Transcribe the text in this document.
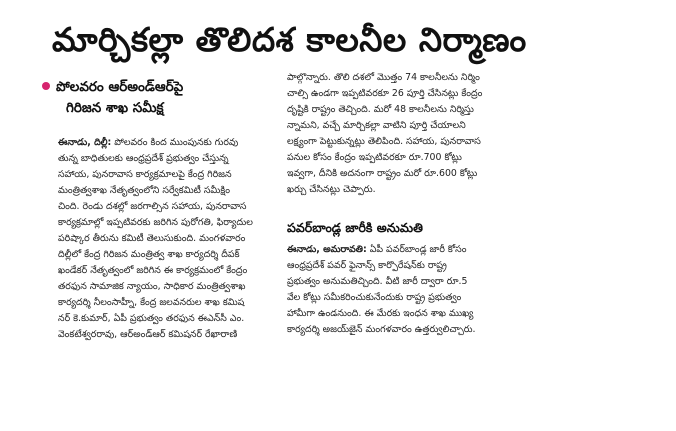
మార్చికల్లా తొలిదశ కాలనీల నిర్మాణం
పోలవరం ఆర్‌అండ్‌ఆర్‌పై
గిరిజన శాఖ సమీక్ష
ఈనాడు, దిల్లీ: పోలవరం కింద ముంపునకు గురవు
తున్న బాధితులకు ఆంధ్రప్రదేశ్ ప్రభుత్వం చేస్తున్న
సహాయ, పునరావాస కార్యక్రమాలపై కేంద్ర గిరిజన
మంత్రిత్వశాఖ నేతృత్వంలోని సర్వేకమిటీ సమీక్షిం
చింది. రెండు దశల్లో జరగాల్సిన సహాయ, పునరావాస
కార్యక్రమాల్లో ఇప్పటివరకు జరిగిన పురోగతి, ఫిర్యాదుల
పరిష్కార తీరును కమిటీ తెలుసుకుంది. మంగళవారం
దిల్లీలో కేంద్ర గిరిజన మంత్రిత్వ శాఖ కార్యదర్శి దీపక్
ఖండేకర్ నేతృత్వంలో జరిగిన ఈ కార్యక్రమంలో కేంద్రం
తరఫున సామాజిక న్యాయం, సాధికార మంత్రిత్వశాఖ
కార్యదర్శి నీలంసాహ్నీ, కేంద్ర జలవనరుల శాఖ కమిష
నర్ కె.కుమార్, ఏపీ ప్రభుత్వం తరఫున ఈఎన్‌సీ ఎం.
వెంకటేశ్వరరావు, ఆర్‌అండ్‌ఆర్ కమిషనర్ రేఖారాణి
పాల్గొన్నారు. తొలి దశలో మొత్తం 74 కాలనీలను నిర్మిం
చాల్సి ఉండగా ఇప్పటివరకూ 26 పూర్తి చేసినట్లు కేంద్రం
దృష్టికి రాష్ట్రం తెచ్చింది. మరో 48 కాలనీలను నిర్మిస్తు
న్నామని, వచ్చే మార్చికల్లా వాటిని పూర్తి చేయాలని
లక్ష్యంగా పెట్టుకున్నట్లు తెలిపింది. సహాయ, పునరావాస
పనుల కోసం కేంద్రం ఇప్పటివరకూ రూ.700 కోట్లు
ఇవ్వగా, దీనికి అదనంగా రాష్ట్రం మరో రూ.600 కోట్లు
ఖర్చు చేసినట్లు చెప్పారు.
పవర్‌బాండ్ల జారీకి అనుమతి
ఈనాడు, అమరావతి: ఏపీ పవర్‌బాండ్ల జారీ కోసం
ఆంధ్రప్రదేశ్ పవర్ ఫైనాన్స్ కార్పొరేషన్‌కు రాష్ట్ర
ప్రభుత్వం అనుమతిచ్చింది. వీటి జారీ ద్వారా రూ.5
వేల కోట్లు సమీకరించుకునేందుకు రాష్ట్ర ప్రభుత్వం
హామీగా ఉండనుంది. ఈ మేరకు ఇంధన శాఖ ముఖ్య
కార్యదర్శి అజయ్‌జైన్ మంగళవారం ఉత్తర్వులిచ్చారు.
